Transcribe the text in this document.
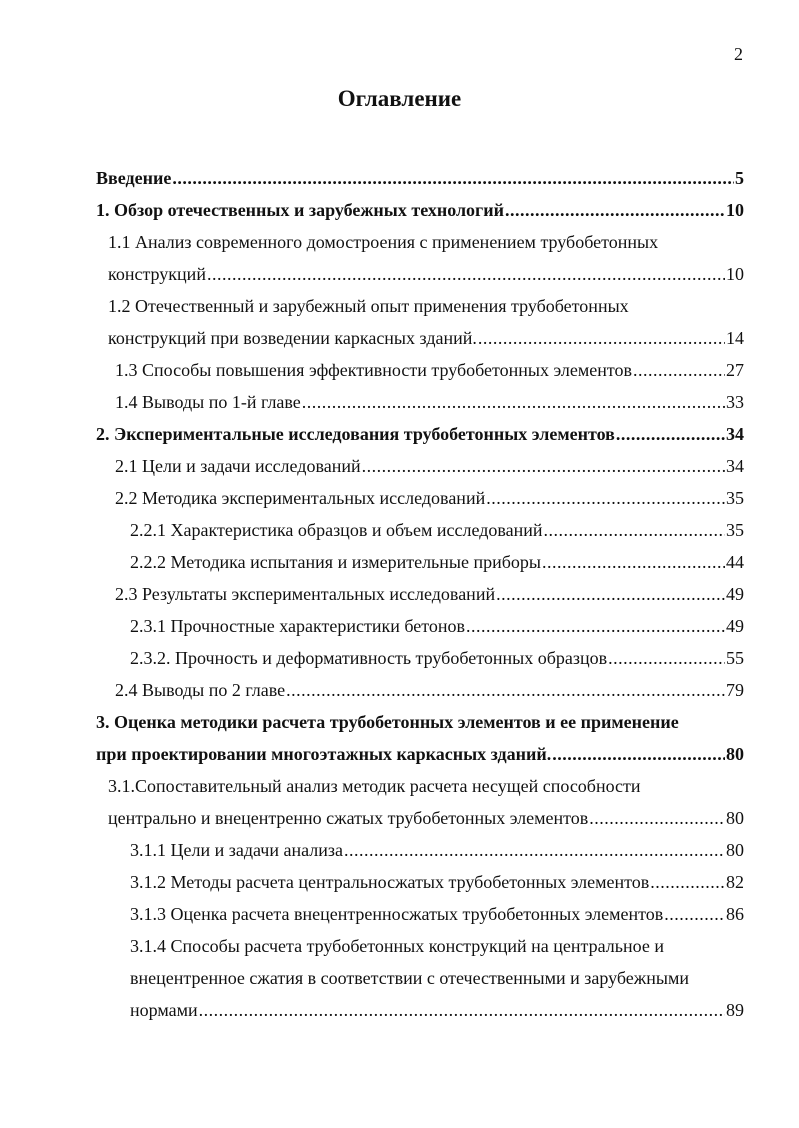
2
Оглавление
Введение .....	5
1. Обзор отечественных и зарубежных технологий .....	10
1.1 Анализ современного домостроения с применением трубобетонных
конструкций .....	10
1.2 Отечественный и зарубежный опыт применения трубобетонных
конструкций при возведении каркасных зданий. .....	14
1.3 Способы повышения эффективности трубобетонных элементов .....	27
1.4 Выводы по 1-й главе .....	33
2. Экспериментальные исследования трубобетонных элементов .....	34
2.1 Цели и задачи исследований .....	34
2.2 Методика экспериментальных исследований .....	35
2.2.1 Характеристика образцов и объем исследований .....	35
2.2.2 Методика испытания и измерительные приборы .....	44
2.3 Результаты экспериментальных исследований .....	49
2.3.1 Прочностные характеристики бетонов .....	49
2.3.2. Прочность и деформативность трубобетонных образцов .....	55
2.4 Выводы по 2 главе .....	79
3. Оценка методики расчета трубобетонных элементов и ее применение
при проектировании многоэтажных каркасных зданий. .....	80
3.1.Сопоставительный анализ методик расчета несущей способности
центрально и внецентренно сжатых трубобетонных элементов .....	80
3.1.1 Цели и задачи анализа .....	80
3.1.2 Методы расчета центральносжатых трубобетонных элементов .....	82
3.1.3 Оценка расчета внецентренносжатых трубобетонных элементов .....	86
3.1.4 Способы расчета трубобетонных конструкций на центральное и
внецентренное сжатия в соответствии с отечественными и зарубежными
нормами .....	89
